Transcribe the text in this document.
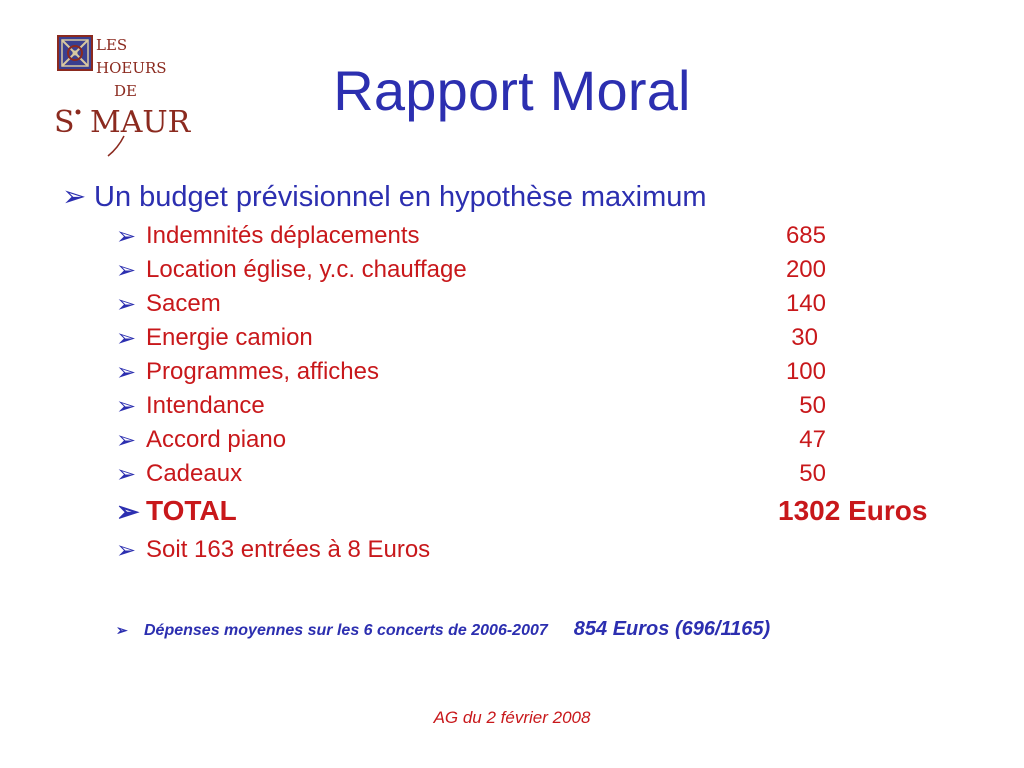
LES
HOEURS
DE
S MAUR
Rapport Moral
➢ Un budget prévisionnel en hypothèse maximum
➢ Indemnités déplacements	685
➢ Location église, y.c. chauffage	200
➢ Sacem	140
➢ Energie camion	30
➢ Programmes, affiches	100
➢ Intendance	50
➢ Accord piano	47
➢ Cadeaux	50
➢ TOTAL	1302 Euros
➢ Soit 163 entrées à 8 Euros
➢ Dépenses moyennes sur les 6 concerts de 2006-2007 854 Euros (696/1165)
AG du 2 février 2008
